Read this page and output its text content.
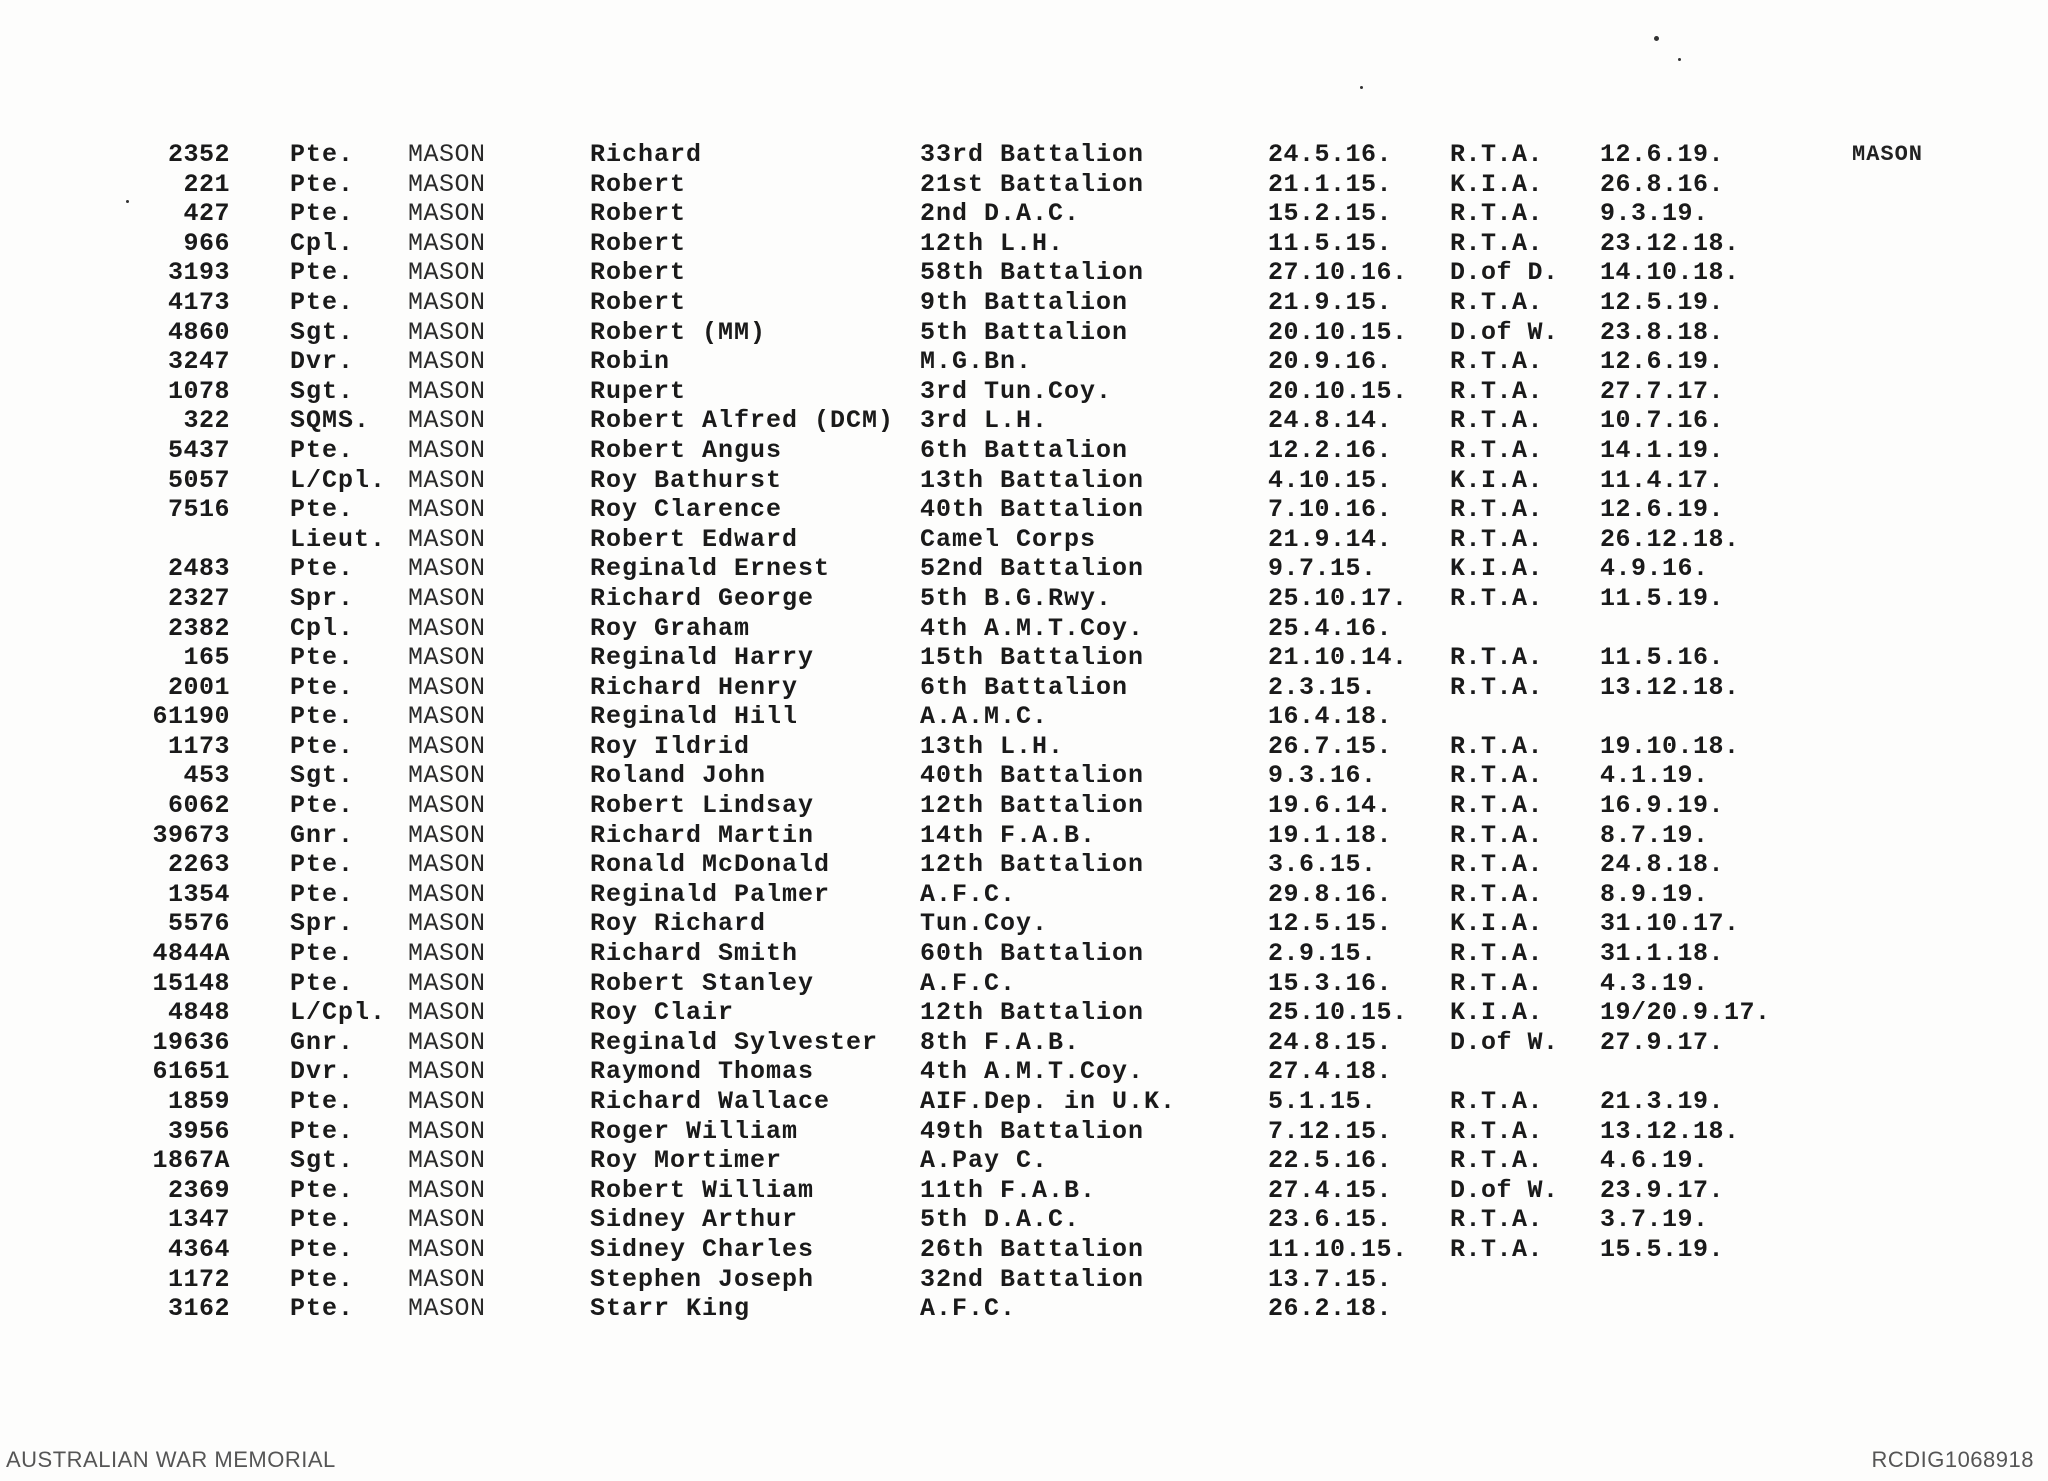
MASON
2352 Pte. MASON	Richard	33rd Battalion	24.5.16. R.T.A. 12.6.19.
221 Pte. MASON	Robert	21st Battalion	21.1.15. K.I.A. 26.8.16.
427 Pte. MASON	Robert	2nd D.A.C.	15.2.15. R.T.A. 9.3.19.
966 Cpl. MASON	Robert	12th L.H.	11.5.15. R.T.A. 23.12.18.
3193 Pte. MASON	Robert	58th Battalion	27.10.16. D.of D. 14.10.18.
4173 Pte. MASON	Robert	9th Battalion	21.9.15. R.T.A. 12.5.19.
4860 Sgt. MASON	Robert (MM)	5th Battalion	20.10.15. D.of W. 23.8.18.
3247 Dvr. MASON	Robin	M.G.Bn.	20.9.16. R.T.A. 12.6.19.
1078 Sgt. MASON	Rupert	3rd Tun.Coy.	20.10.15. R.T.A. 27.7.17.
322 SQMS. MASON	Robert Alfred (DCM) 3rd L.H.	24.8.14. R.T.A. 10.7.16.
5437 Pte. MASON	Robert Angus	6th Battalion	12.2.16. R.T.A. 14.1.19.
5057 L/Cpl. MASON	Roy Bathurst	13th Battalion	4.10.15. K.I.A. 11.4.17.
7516 Pte. MASON	Roy Clarence	40th Battalion	7.10.16. R.T.A. 12.6.19.
Lieut. MASON	Robert Edward	Camel Corps	21.9.14. R.T.A. 26.12.18.
2483 Pte. MASON	Reginald Ernest	52nd Battalion	9.7.15.	K.I.A. 4.9.16.
2327 Spr. MASON	Richard George	5th B.G.Rwy.	25.10.17. R.T.A. 11.5.19.
2382 Cpl. MASON	Roy Graham	4th A.M.T.Coy.	25.4.16.
165 Pte. MASON	Reginald Harry	15th Battalion	21.10.14. R.T.A. 11.5.16.
2001 Pte. MASON	Richard Henry	6th Battalion	2.3.15.	R.T.A. 13.12.18.
61190 Pte. MASON	Reginald Hill	A.A.M.C.	16.4.18.
1173 Pte. MASON	Roy Ildrid	13th L.H.	26.7.15. R.T.A. 19.10.18.
453 Sgt. MASON	Roland John	40th Battalion	9.3.16.	R.T.A. 4.1.19.
6062 Pte. MASON	Robert Lindsay	12th Battalion	19.6.14. R.T.A. 16.9.19.
39673 Gnr. MASON	Richard Martin	14th F.A.B.	19.1.18. R.T.A. 8.7.19.
2263 Pte. MASON	Ronald McDonald	12th Battalion	3.6.15.	R.T.A. 24.8.18.
1354 Pte. MASON	Reginald Palmer	A.F.C.	29.8.16. R.T.A. 8.9.19.
5576 Spr. MASON	Roy Richard	Tun.Coy.	12.5.15. K.I.A. 31.10.17.
4844A Pte. MASON	Richard Smith	60th Battalion	2.9.15.	R.T.A. 31.1.18.
15148 Pte. MASON	Robert Stanley	A.F.C.	15.3.16. R.T.A. 4.3.19.
4848 L/Cpl. MASON	Roy Clair	12th Battalion	25.10.15. K.I.A. 19/20.9.17.
19636 Gnr. MASON	Reginald Sylvester 8th F.A.B.	24.8.15. D.of W. 27.9.17.
61651 Dvr. MASON	Raymond Thomas	4th A.M.T.Coy.	27.4.18.
1859 Pte. MASON	Richard Wallace	AIF.Dep. in U.K.	5.1.15.	R.T.A. 21.3.19.
3956 Pte. MASON	Roger William	49th Battalion	7.12.15. R.T.A. 13.12.18.
1867A Sgt. MASON	Roy Mortimer	A.Pay C.	22.5.16. R.T.A. 4.6.19.
2369 Pte. MASON	Robert William	11th F.A.B.	27.4.15. D.of W. 23.9.17.
1347 Pte. MASON	Sidney Arthur	5th D.A.C.	23.6.15. R.T.A. 3.7.19.
4364 Pte. MASON	Sidney Charles	26th Battalion	11.10.15. R.T.A. 15.5.19.
1172 Pte. MASON	Stephen Joseph	32nd Battalion	13.7.15.
3162 Pte. MASON	Starr King	A.F.C.	26.2.18.
AUSTRALIAN WAR MEMORIAL	RCDIG1068918
